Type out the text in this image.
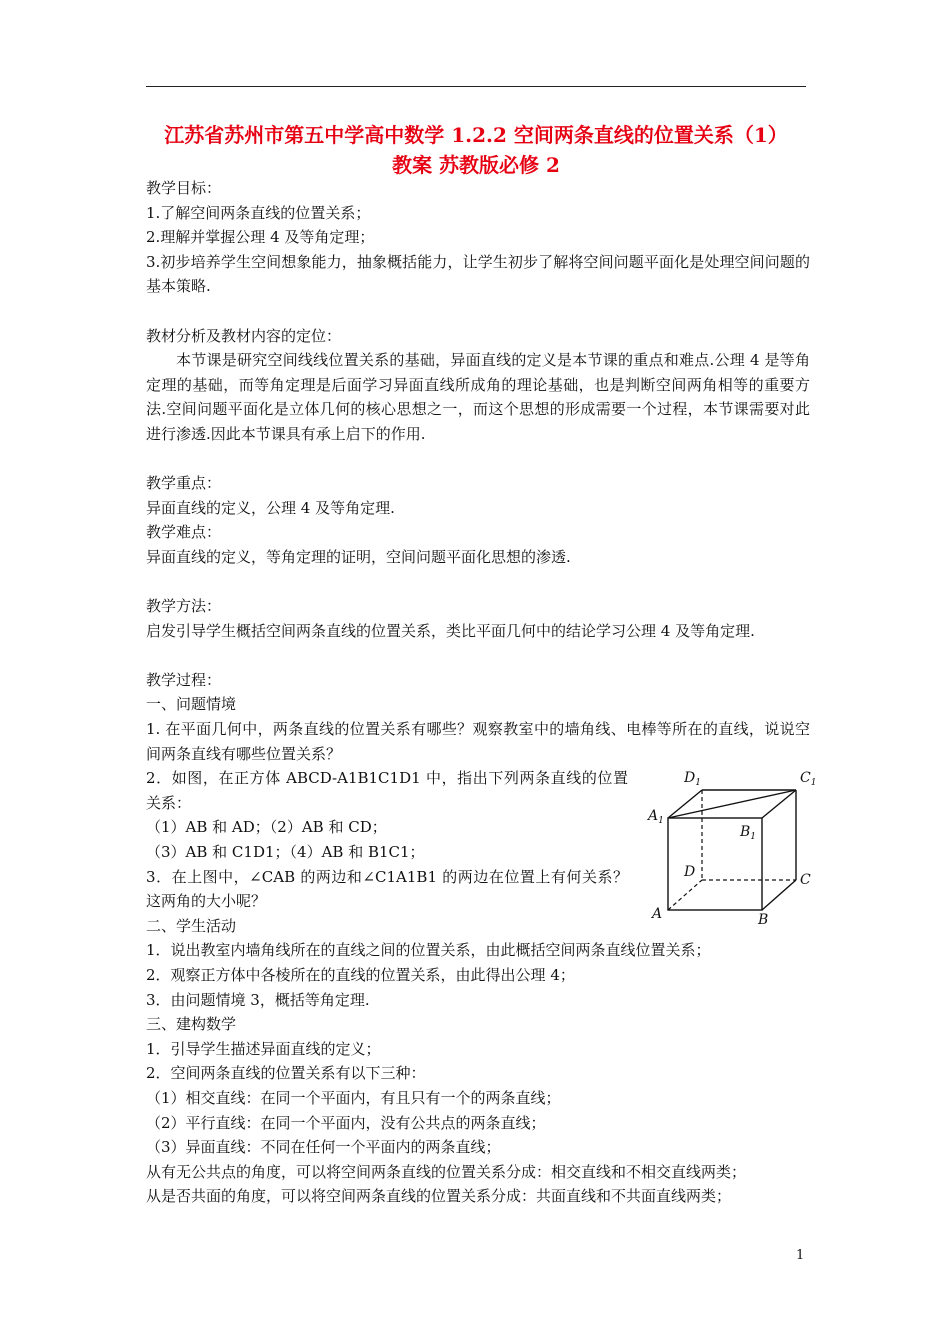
江苏省苏州市第五中学高中数学 1.2.2 空间两条直线的位置关系（1）
教案 苏教版必修 2

教学目标：

1.了解空间两条直线的位置关系；

2.理解并掌握公理 4 及等角定理；

3.初步培养学生空间想象能力，抽象概括能力，让学生初步了解将空间问题平面化是处理空间问题的基本策略.

教材分析及教材内容的定位：

本节课是研究空间线线位置关系的基础，异面直线的定义是本节课的重点和难点.公理 4 是等角定理的基础，而等角定理是后面学习异面直线所成角的理论基础，也是判断空间两角相等的重要方法.空间问题平面化是立体几何的核心思想之一，而这个思想的形成需要一个过程，本节课需要对此进行渗透.因此本节课具有承上启下的作用.

教学重点：

异面直线的定义，公理 4 及等角定理.

教学难点：

异面直线的定义，等角定理的证明，空间问题平面化思想的渗透.

教学方法：

启发引导学生概括空间两条直线的位置关系，类比平面几何中的结论学习公理 4 及等角定理.

教学过程：

一、问题情境

1. 在平面几何中，两条直线的位置关系有哪些？观察教室中的墙角线、电棒等所在的直线，说说空间两条直线有哪些位置关系？

2．如图，在正方体 ABCD-A1B1C1D1 中，指出下列两条直线的位置关系：

（1）AB 和 AD；（2）AB 和 CD；

（3）AB 和 C1D1；（4）AB 和 B1C1；

3．在上图中，∠CAB 的两边和∠C1A1B1 的两边在位置上有何关系？这两角的大小呢？

二、学生活动

1．说出教室内墙角线所在的直线之间的位置关系，由此概括空间两条直线位置关系；

2．观察正方体中各棱所在的直线的位置关系，由此得出公理 4；

3．由问题情境 3，概括等角定理.

三、建构数学

1．引导学生描述异面直线的定义；

2．空间两条直线的位置关系有以下三种：

（1）相交直线：在同一个平面内，有且只有一个的两条直线；

（2）平行直线：在同一个平面内，没有公共点的两条直线；

（3）异面直线：不同在任何一个平面内的两条直线；

从有无公共点的角度，可以将空间两条直线的位置关系分成：相交直线和不相交直线两类；

从是否共面的角度，可以将空间两条直线的位置关系分成：共面直线和不共面直线两类；

$D_1$	$C_1$
$A_1$
$B_1$
D	C
A	B
1
